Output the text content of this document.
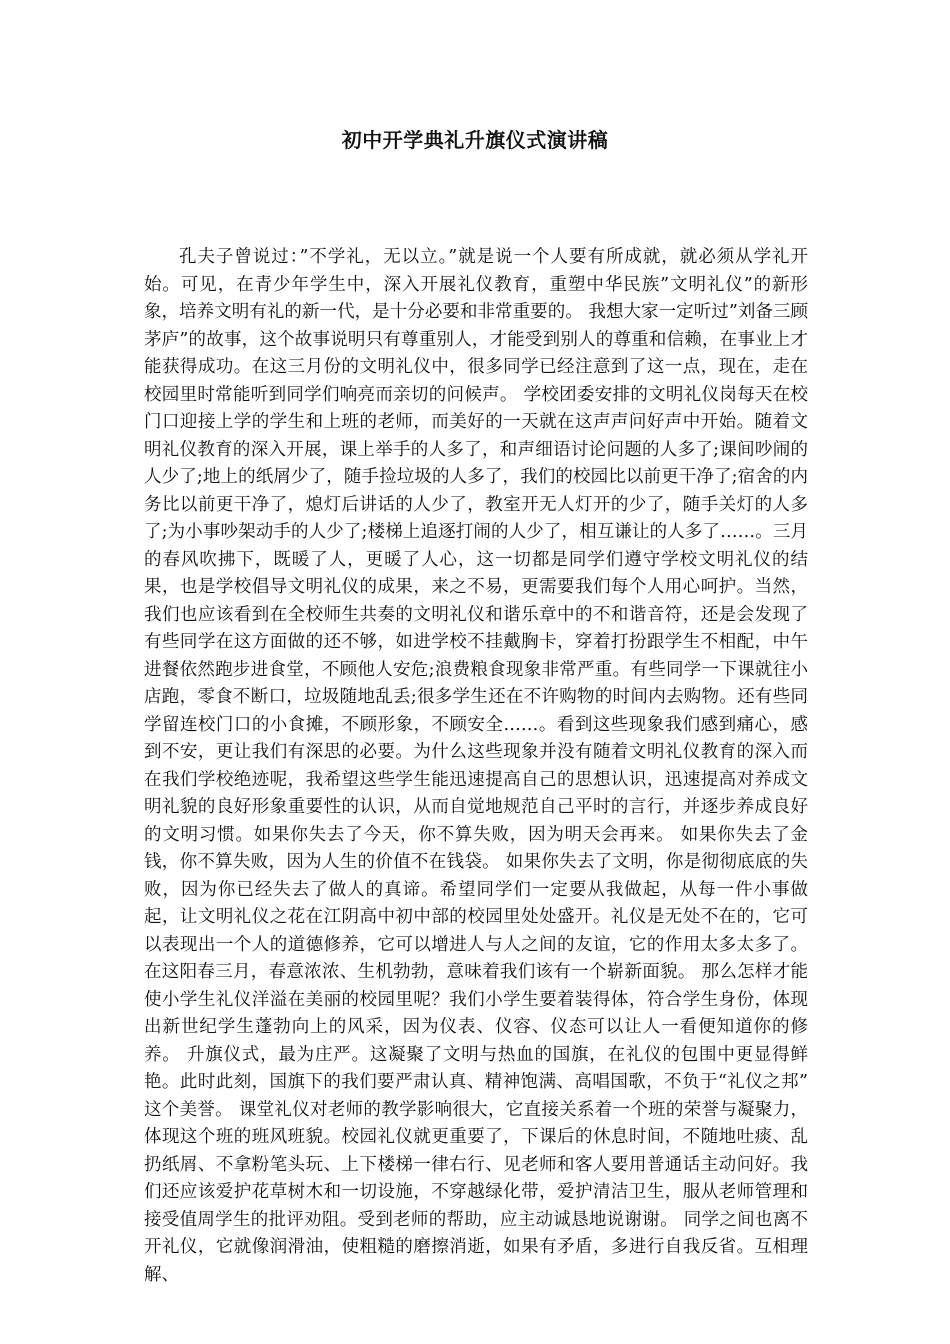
初中开学典礼升旗仪式演讲稿

孔夫子曾说过：”不学礼，无以立。”就是说一个人要有所成就，就必须从学礼开始。可见，在青少年学生中，深入开展礼仪教育，重塑中华民族”文明礼仪”的新形象，培养文明有礼的新一代，是十分必要和非常重要的。 我想大家一定听过”刘备三顾茅庐”的故事，这个故事说明只有尊重别人，才能受到别人的尊重和信赖，在事业上才能获得成功。在这三月份的文明礼仪中，很多同学已经注意到了这一点，现在，走在校园里时常能听到同学们响亮而亲切的问候声。 学校团委安排的文明礼仪岗每天在校门口迎接上学的学生和上班的老师，而美好的一天就在这声声问好声中开始。随着文明礼仪教育的深入开展，课上举手的人多了，和声细语讨论问题的人多了;课间吵闹的人少了;地上的纸屑少了，随手捡垃圾的人多了，我们的校园比以前更干净了;宿舍的内务比以前更干净了，熄灯后讲话的人少了，教室开无人灯开的少了，随手关灯的人多了;为小事吵架动手的人少了;楼梯上追逐打闹的人少了，相互谦让的人多了……。三月的春风吹拂下，既暖了人，更暖了人心，这一切都是同学们遵守学校文明礼仪的结果，也是学校倡导文明礼仪的成果，来之不易，更需要我们每个人用心呵护。当然，我们也应该看到在全校师生共奏的文明礼仪和谐乐章中的不和谐音符，还是会发现了有些同学在这方面做的还不够，如进学校不挂戴胸卡，穿着打扮跟学生不相配，中午进餐依然跑步进食堂，不顾他人安危;浪费粮食现象非常严重。有些同学一下课就往小店跑，零食不断口，垃圾随地乱丢;很多学生还在不许购物的时间内去购物。还有些同学留连校门口的小食摊，不顾形象，不顾安全……。看到这些现象我们感到痛心，感到不安，更让我们有深思的必要。为什么这些现象并没有随着文明礼仪教育的深入而在我们学校绝迹呢，我希望这些学生能迅速提高自己的思想认识，迅速提高对养成文明礼貌的良好形象重要性的认识，从而自觉地规范自己平时的言行，并逐步养成良好的文明习惯。如果你失去了今天，你不算失败，因为明天会再来。 如果你失去了金钱，你不算失败，因为人生的价值不在钱袋。 如果你失去了文明，你是彻彻底底的失败，因为你已经失去了做人的真谛。希望同学们一定要从我做起，从每一件小事做起，让文明礼仪之花在江阴高中初中部的校园里处处盛开。礼仪是无处不在的，它可以表现出一个人的道德修养，它可以增进人与人之间的友谊，它的作用太多太多了。在这阳春三月，春意浓浓、生机勃勃，意味着我们该有一个崭新面貌。 那么怎样才能使小学生礼仪洋溢在美丽的校园里呢？我们小学生要着装得体，符合学生身份，体现出新世纪学生蓬勃向上的风采，因为仪表、仪容、仪态可以让人一看便知道你的修养。 升旗仪式，最为庄严。这凝聚了文明与热血的国旗，在礼仪的包围中更显得鲜艳。此时此刻，国旗下的我们要严肃认真、精神饱满、高唱国歌，不负于“礼仪之邦” 这个美誉。 课堂礼仪对老师的教学影响很大，它直接关系着一个班的荣誉与凝聚力，体现这个班的班风班貌。校园礼仪就更重要了，下课后的休息时间，不随地吐痰、乱扔纸屑、不拿粉笔头玩、上下楼梯一律右行、见老师和客人要用普通话主动问好。我们还应该爱护花草树木和一切设施，不穿越绿化带，爱护清洁卫生，服从老师管理和接受值周学生的批评劝阻。受到老师的帮助，应主动诚恳地说谢谢。 同学之间也离不开礼仪，它就像润滑油，使粗糙的磨擦消逝，如果有矛盾，多进行自我反省。互相理解、
